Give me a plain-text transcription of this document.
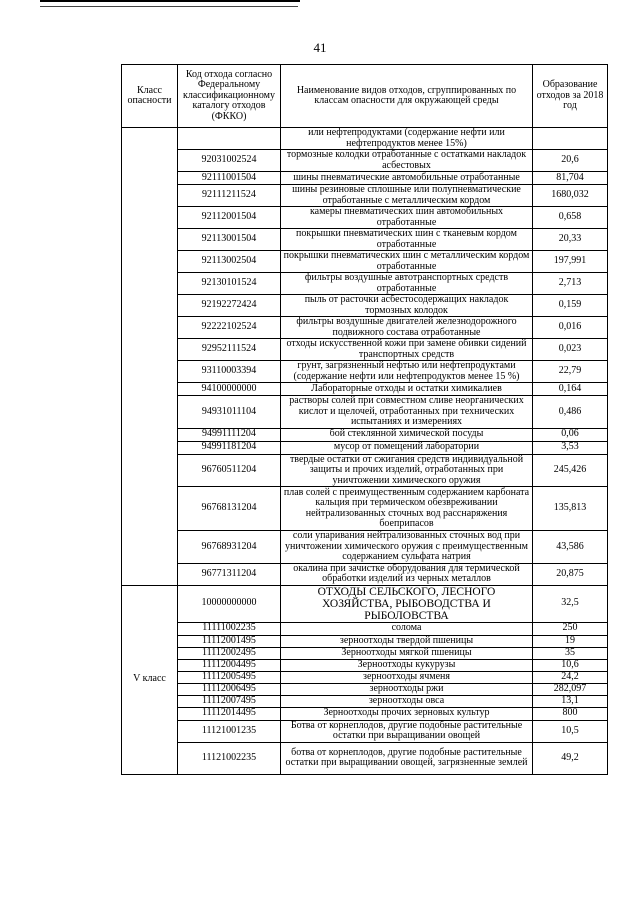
41
Класс опасности	Код отхода согласно Федеральному классификационному каталогу отходов (ФККО)	Наименование видов отходов, сгруппированных по классам опасности для окружающей среды	Образование отходов за 2018 год
		или нефтепродуктами (содержание нефти или нефтепродуктов менее 15%)	
	92031002524	тормозные колодки отработанные с остатками накладок асбестовых	20,6
	92111001504	шины пневматические автомобильные отработанные	81,704
	92111211524	шины резиновые сплошные или полупневматические отработанные с металлическим кордом	1680,032
	92112001504	камеры пневматических шин автомобильных отработанные	0,658
	92113001504	покрышки пневматических шин с тканевым кордом отработанные	20,33
	92113002504	покрышки пневматических шин с металлическим кордом отработанные	197,991
	92130101524	фильтры воздушные автотранспортных средств отработанные	2,713
	92192272424	пыль от расточки асбестосодержащих накладок тормозных колодок	0,159
	92222102524	фильтры воздушные двигателей железнодорожного подвижного состава отработанные	0,016
	92952111524	отходы искусственной кожи при замене обивки сидений транспортных средств	0,023
	93110003394	грунт, загрязненный нефтью или нефтепродуктами (содержание нефти или нефтепродуктов менее 15 %)	22,79
	94100000000	Лабораторные отходы и остатки химикалиев	0,164
	94931011104	растворы солей при совместном сливе неорганических кислот и щелочей, отработанных при технических испытаниях и измерениях	0,486
	94991111204	бой стеклянной химической посуды	0,06
	94991181204	мусор от помещений лаборатории	3,53
	96760511204	твердые остатки от сжигания средств индивидуальной защиты и прочих изделий, отработанных при уничтожении химического оружия	245,426
	96768131204	плав солей с преимущественным содержанием карбоната кальция при термическом обезвреживании нейтрализованных сточных вод расснаряжения боеприпасов	135,813
	96768931204	соли упаривания нейтрализованных сточных вод при уничтожении химического оружия с преимущественным содержанием сульфата натрия	43,586
	96771311204	окалина при зачистке оборудования для термической обработки изделий из черных металлов	20,875
V класс	10000000000	ОТХОДЫ СЕЛЬСКОГО, ЛЕСНОГО ХОЗЯЙСТВА, РЫБОВОДСТВА И РЫБОЛОВСТВА	32,5
	11111002235	солома	250
	11112001495	зерноотходы твердой пшеницы	19
	11112002495	Зерноотходы мягкой пшеницы	35
	11112004495	Зерноотходы кукурузы	10,6
	11112005495	зерноотходы ячменя	24,2
	11112006495	зерноотходы ржи	282,097
	11112007495	зерноотходы овса	13,1
	11112014495	Зерноотходы прочих зерновых культур	800
	11121001235	Ботва от корнеплодов, другие подобные растительные остатки при выращивании овощей	10,5
	11121002235	ботва от корнеплодов, другие подобные растительные остатки при выращивании овощей, загрязненные землей	49,2
